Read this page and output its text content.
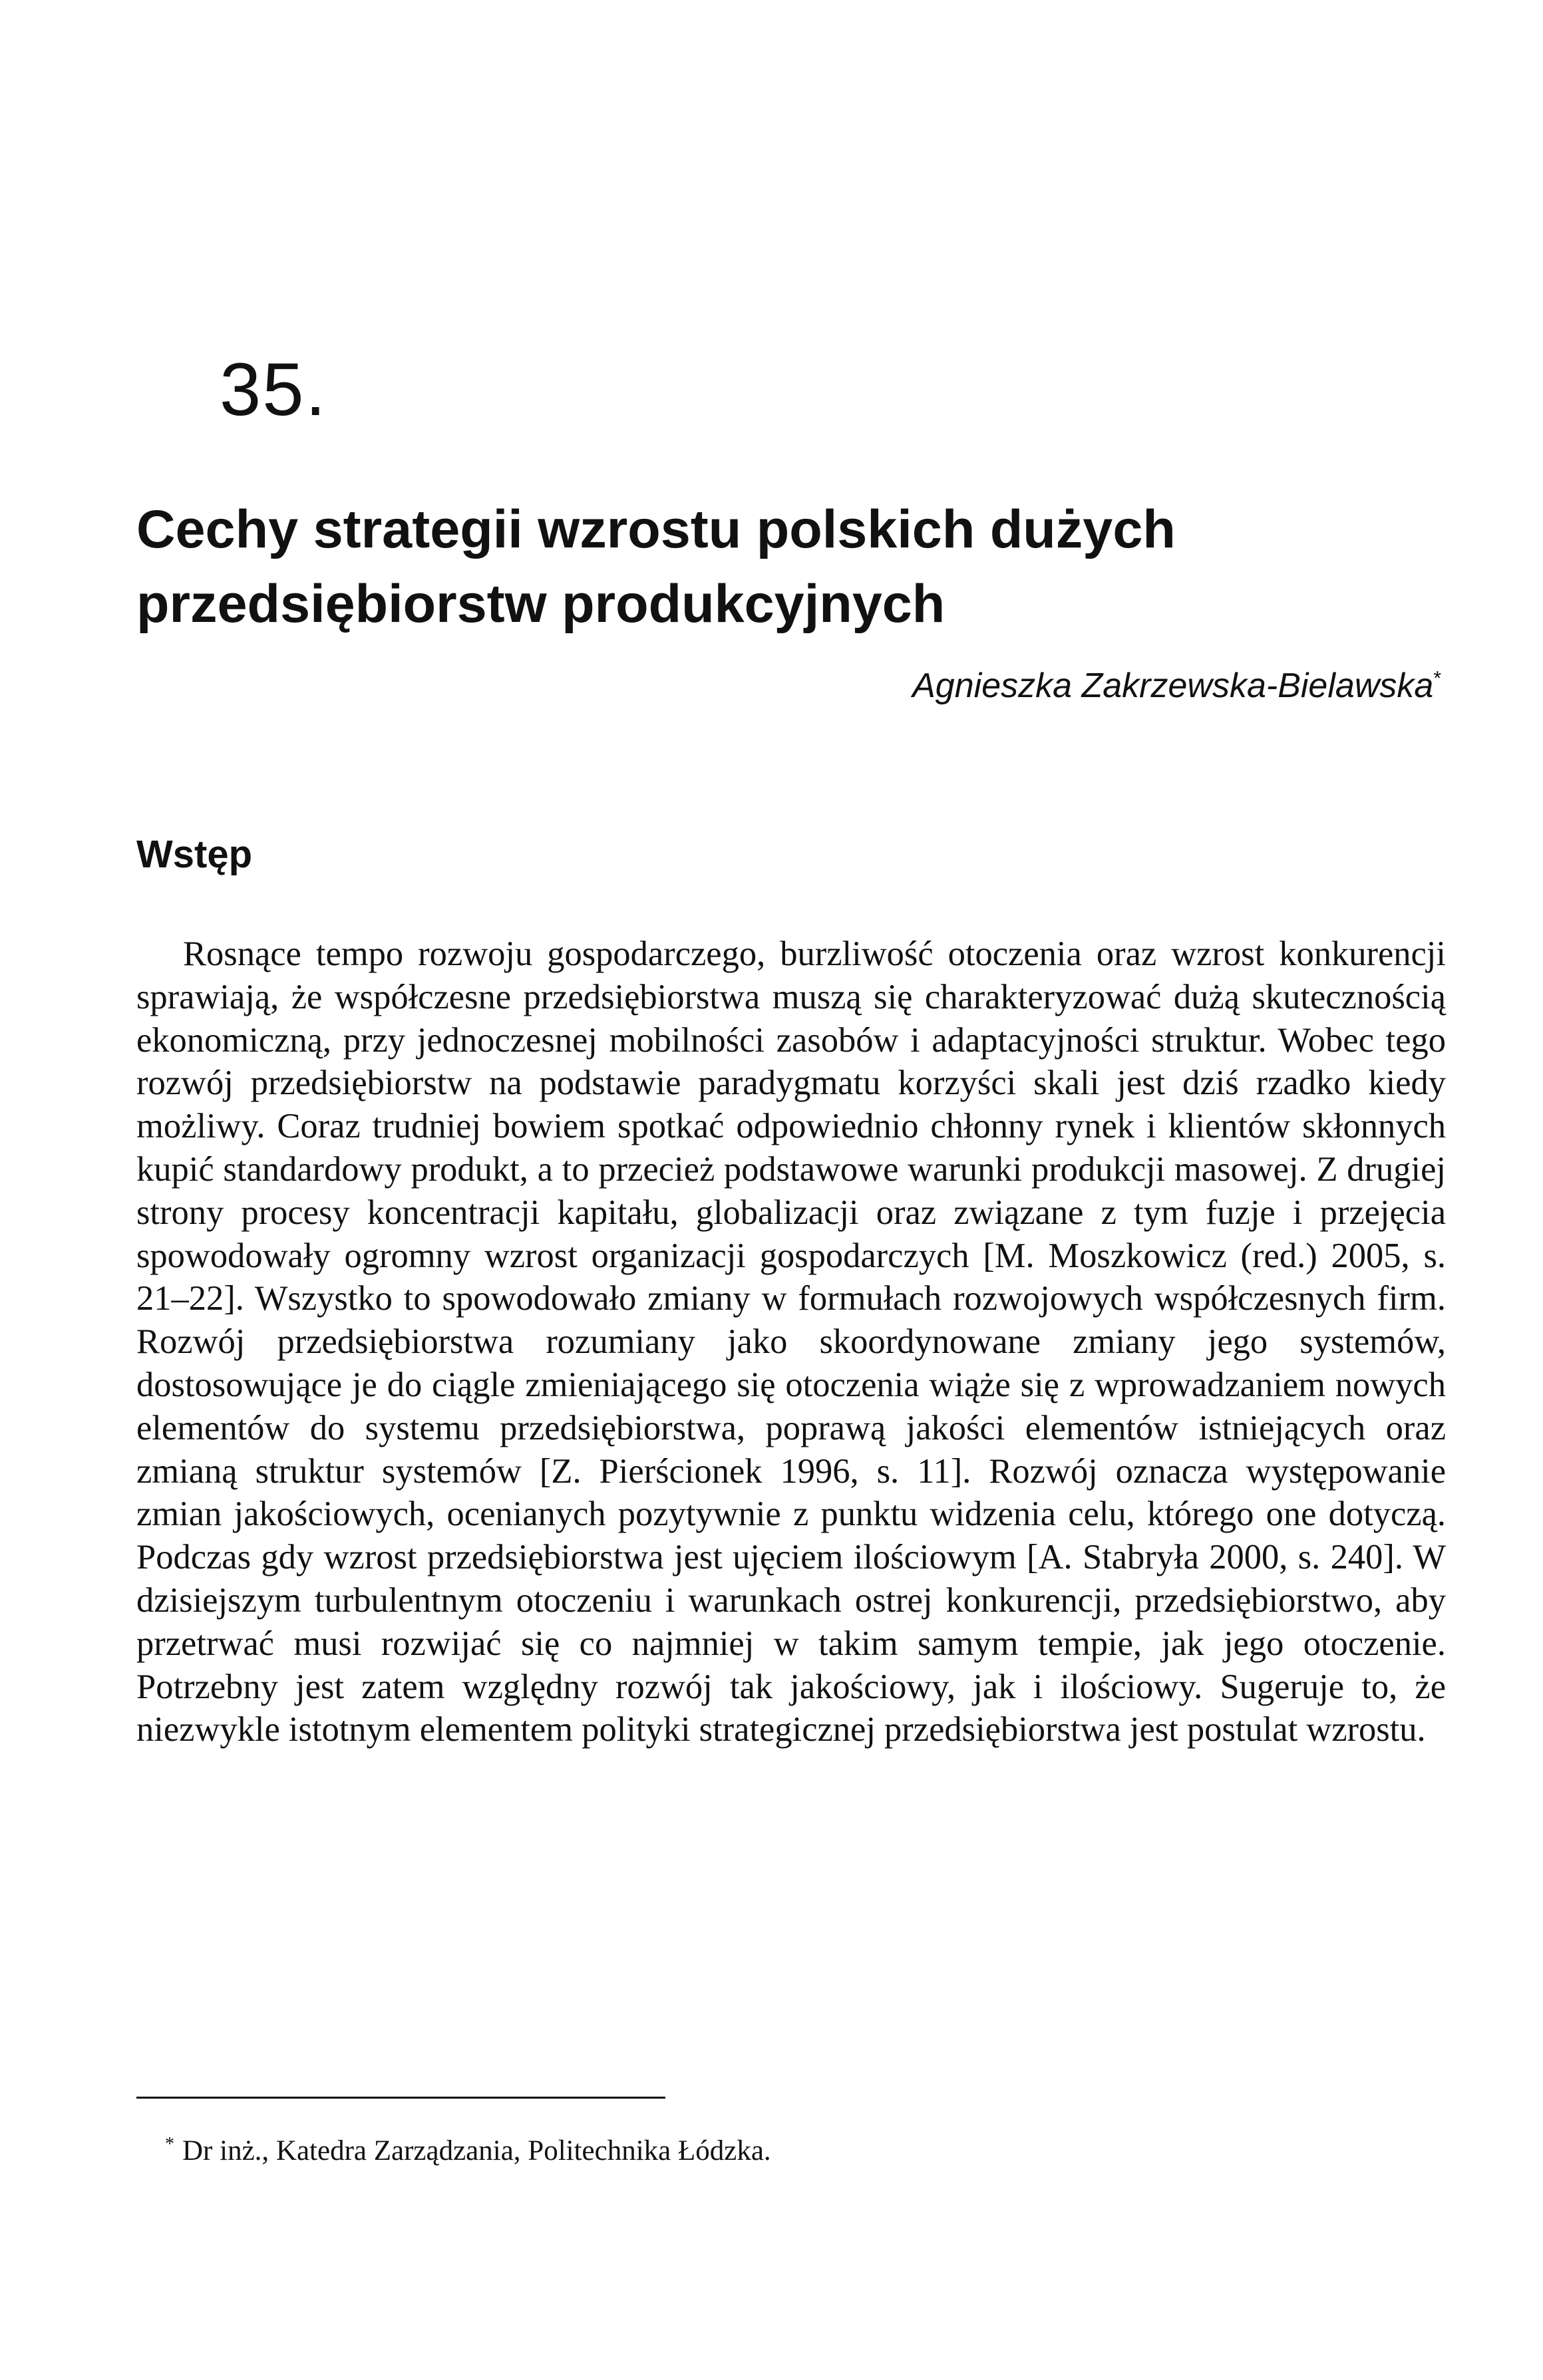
35.
Cechy strategii wzrostu polskich dużych przedsiębiorstw produkcyjnych
Agnieszka Zakrzewska-Bielawska*
Wstęp

Rosnące tempo rozwoju gospodarczego, burzliwość otoczenia oraz wzrost konkurencji sprawiają, że współczesne przedsiębiorstwa muszą się charakteryzować dużą skutecznością ekonomiczną, przy jednoczesnej mobilności zasobów i adaptacyjności struktur. Wobec tego rozwój przedsiębiorstw na podstawie paradygmatu korzyści skali jest dziś rzadko kiedy możliwy. Coraz trudniej bowiem spotkać odpowiednio chłonny rynek i klientów skłonnych kupić standardowy produkt, a to przecież podstawowe warunki produkcji masowej. Z drugiej strony procesy koncentracji kapitału, globalizacji oraz związane z tym fuzje i przejęcia spowodowały ogromny wzrost organizacji gospodarczych [M. Moszkowicz (red.) 2005, s. 21–22]. Wszystko to spowodowało zmiany w formułach rozwojowych współczesnych firm. Rozwój przedsiębiorstwa rozumiany jako skoordynowane zmiany jego systemów, dostosowujące je do ciągle zmieniającego się otoczenia wiąże się z wprowadzaniem nowych elementów do systemu przedsiębiorstwa, poprawą jakości elementów istniejących oraz zmianą struktur systemów [Z. Pierścionek 1996, s. 11]. Rozwój oznacza występowanie zmian jakościowych, ocenianych pozytywnie z punktu widzenia celu, którego one dotyczą. Podczas gdy wzrost przedsiębiorstwa jest ujęciem ilościowym [A. Stabryła 2000, s. 240]. W dzisiejszym turbulentnym otoczeniu i warunkach ostrej konkurencji, przedsiębiorstwo, aby przetrwać musi rozwijać się co najmniej w takim samym tempie, jak jego otoczenie. Potrzebny jest zatem względny rozwój tak jakościowy, jak i ilościowy. Sugeruje to, że niezwykle istotnym elementem polityki strategicznej przedsiębiorstwa jest postulat wzrostu.

* Dr inż., Katedra Zarządzania, Politechnika Łódzka.
